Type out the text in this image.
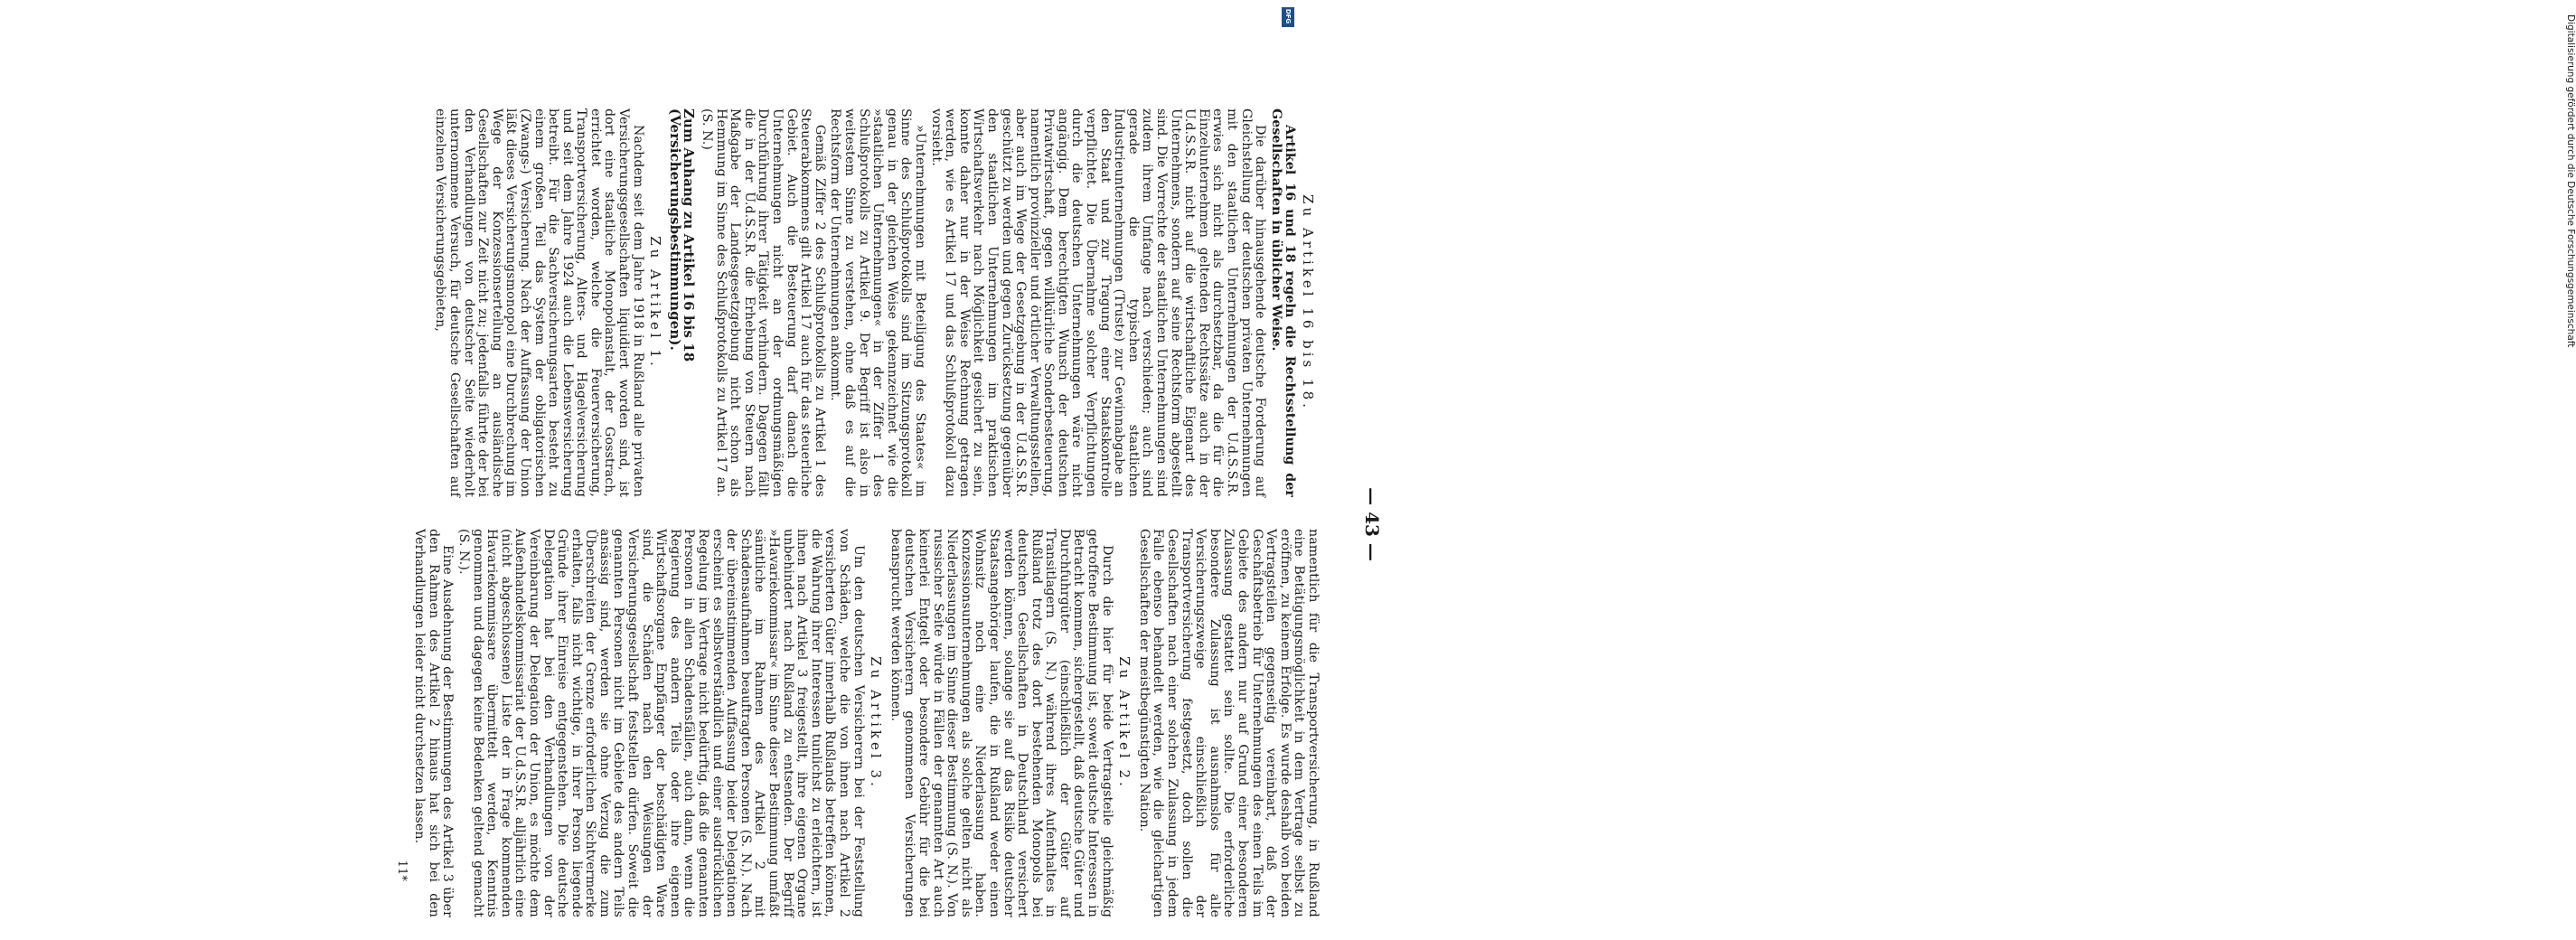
— 43 —
Zu Artikel 16 bis 18.

Artikel 16 und 18 regeln die Rechtsstellung der Gesellschaften in üblicher Weise.

Die darüber hinausgehende deutsche Forderung auf Gleichstellung der deutschen privaten Unternehmungen mit den staatlichen Unternehmungen der U.d.S.S.R. erwies sich nicht als durchsetzbar, da die für die Einzelunternehmen geltenden Rechtssätze auch in der U.d.S.S.R. nicht auf die wirtschaftliche Eigenart des Unternehmens, sondern auf seine Rechtsform abgestellt sind. Die Vorrechte der staatlichen Unternehmungen sind zudem ihrem Umfange nach verschieden; auch sind gerade die typischen staatlichen Industrieunternehmungen (Truste) zur Gewinnabgabe an den Staat und zur Tragung einer Staatskontrolle verpflichtet. Die Übernahme solcher Verpflichtungen durch die deutschen Unternehmungen wäre nicht angängig. Dem berechtigten Wunsch der deutschen Privatwirtschaft, gegen willkürliche Sonderbesteuerung, namentlich provinzieller und örtlicher Verwaltungsstellen, aber auch im Wege der Gesetzgebung in der U.d.S.S.R. geschützt zu werden und gegen Zurücksetzung gegenüber den staatlichen Unternehmungen im praktischen Wirtschaftsverkehr nach Möglichkeit gesichert zu sein, konnte daher nur in der Weise Rechnung getragen werden, wie es Artikel 17 und das Schlußprotokoll dazu vorsieht.

»Unternehmungen mit Beteiligung des Staates« im Sinne des Schlußprotokolls sind im Sitzungsprotokoll genau in der gleichen Weise gekennzeichnet wie die »staatlichen Unternehmungen« in der Ziffer 1 des Schlußprotokolls zu Artikel 9. Der Begriff ist also in weitestem Sinne zu verstehen, ohne daß es auf die Rechtsform der Unternehmungen ankommt.

Gemäß Ziffer 2 des Schlußprotokolls zu Artikel 1 des Steuerabkommens gilt Artikel 17 auch für das steuerliche Gebiet. Auch die Besteuerung darf danach die Unternehmungen nicht an der ordnungsmäßigen Durchführung ihrer Tätigkeit verhindern. Dagegen fällt die in der U.d.S.S.R. die Erhebung von Steuern nach Maßgabe der Landesgesetzgebung nicht schon als Hemmung im Sinne des Schlußprotokolls zu Artikel 17 an. (S. N.)

Zum Anhang zu Artikel 16 bis 18 (Versicherungsbestimmungen).
Zu Artikel 1.

Nachdem seit dem Jahre 1918 in Rußland alle privaten Versicherungsgesellschaften liquidiert worden sind, ist dort eine staatliche Monopolanstalt, der Gosstrach, errichtet worden, welche die Feuerversicherung, Transportversicherung, Alters- und Hagelversicherung und seit dem Jahre 1924 auch die Lebensversicherung betreibt. Für die Sachversicherungsarten besteht zu einem großen Teil das System der obligatorischen (Zwangs-) Versicherung. Nach der Auffassung der Union läßt dieses Versicherungsmonopol eine Durchbrechung im Wege der Konzessionserteilung an ausländische Gesellschaften zur Zeit nicht zu; jedenfalls führte der bei den Verhandlungen von deutscher Seite wiederholt unternommene Versuch, für deutsche Gesellschaften auf einzelnen Versicherungsgebieten,

namentlich für die Transportversicherung, in Rußland eine Betätigungsmöglichkeit in dem Vertrage selbst zu eröffnen, zu keinem Erfolge. Es wurde deshalb von beiden Vertragsteilen gegenseitig vereinbart, daß der Geschäftsbetrieb für Unternehmungen des einen Teils im Gebiete des andern nur auf Grund einer besonderen Zulassung gestattet sein sollte. Die erforderliche besondere Zulassung ist ausnahmslos für alle Versicherungszweige einschließlich der Transportversicherung festgesetzt, doch sollen die Gesellschaften nach einer solchen Zulassung in jedem Falle ebenso behandelt werden, wie die gleichartigen Gesellschaften der meistbegünstigten Nation.

Zu Artikel 2.

Durch die hier für beide Vertragsteile gleichmäßig getroffene Bestimmung ist, soweit deutsche Interessen in Betracht kommen, sichergestellt, daß deutsche Güter und Durchfuhrgüter (einschließlich der Güter auf Transitlagern (S. N.) während ihres Aufenthaltes in Rußland trotz des dort bestehenden Monopols bei deutschen Gesellschaften in Deutschland versichert werden können, solange sie auf das Risiko deutscher Staatsangehöriger laufen, die in Rußland weder einen Wohnsitz noch eine Niederlassung haben. Konzessionsunternehmungen als solche gelten nicht als Niederlassungen im Sinne dieser Bestimmung (S. N.). Von russischer Seite würde in Fällen der genannten Art auch keinerlei Entgelt oder besondere Gebühr für die bei deutschen Versicherern genommenen Versicherungen beansprucht werden können.

Zu Artikel 3.

Um den deutschen Versicherern bei der Feststellung von Schäden, welche die von ihnen nach Artikel 2 versicherten Güter innerhalb Rußlands betreffen können, die Wahrung ihrer Interessen tunlichst zu erleichtern, ist ihnen nach Artikel 3 freigestellt, ihre eigenen Organe unbehindert nach Rußland zu entsenden. Der Begriff »Havariekommissar« im Sinne dieser Bestimmung umfaßt sämtliche im Rahmen des Artikel 2 mit Schadensaufnahmen beauftragten Personen (S. N.). Nach der übereinstimmenden Auffassung beider Delegationen erscheint es selbstverständlich und einer ausdrücklichen Regelung im Vertrage nicht bedürftig, daß die genannten Personen in allen Schadensfällen, auch dann, wenn die Regierung des andern Teils oder ihre eigenen Wirtschaftsorgane Empfänger der beschädigten Ware sind, die Schäden nach den Weisungen der Versicherungsgesellschaft feststellen dürfen. Soweit die genannten Personen nicht im Gebiete des andern Teils ansässig sind, werden sie ohne Verzug die zum Überschreiten der Grenze erforderlichen Sichtvermerke erhalten, falls nicht wichtige, in ihrer Person liegende Gründe ihrer Einreise entgegenstehen. Die deutsche Delegation hat bei den Verhandlungen von der Vereinbarung der Delegation der Union, es möchte dem Außenhandelskommissariat der U.d.S.S.R. alljährlich eine (nicht abgeschlossene) Liste der in Frage kommenden Havariekommissare übermittelt werden, Kenntnis genommen und dagegen keine Bedenken geltend gemacht (S. N.).

Eine Ausdehnung der Bestimmungen des Artikel 3 über den Rahmen des Artikel 2 hinaus hat sich bei den Verhandlungen leider nicht durchsetzen lassen.

11*
Digitalisierung gefördert durch die Deutsche Forschungsgemeinschaft
DFG
